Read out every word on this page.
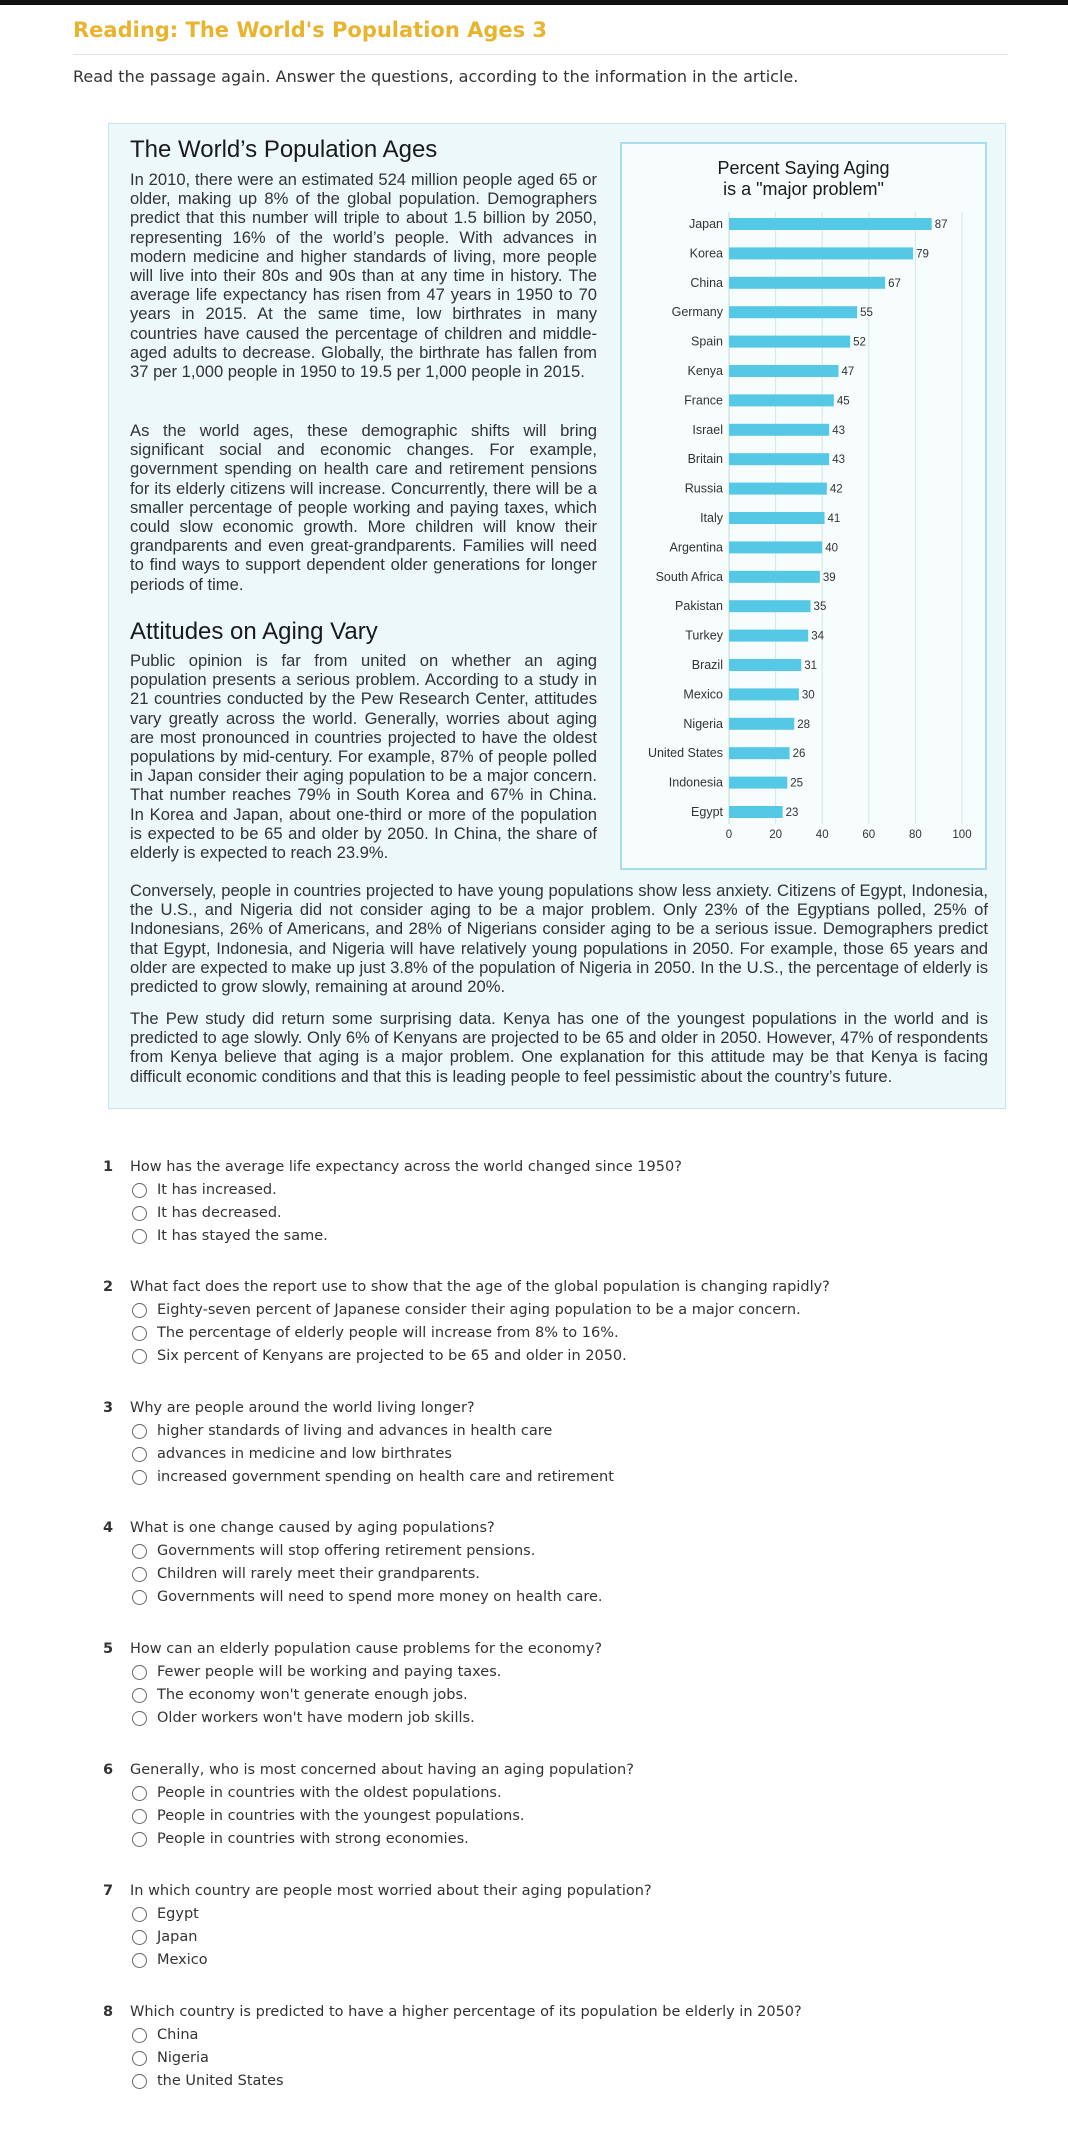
Reading: The World's Population Ages 3
Read the passage again. Answer the questions, according to the information in the article.
The World’s Population Ages

In 2010, there were an estimated 524 million people aged 65 or older, making up 8% of the global population. Demographers predict that this number will triple to about 1.5 billion by 2050, representing 16% of the world’s people. With advances in modern medicine and higher standards of living, more people will live into their 80s and 90s than at any time in history. The average life expectancy has risen from 47 years in 1950 to 70 years in 2015. At the same time, low birthrates in many countries have caused the percentage of children and middle-aged adults to decrease. Globally, the birthrate has fallen from 37 per 1,000 people in 1950 to 19.5 per 1,000 people in 2015.

As the world ages, these demographic shifts will bring significant social and economic changes. For example, government spending on health care and retirement pensions for its elderly citizens will increase. Concurrently, there will be a smaller percentage of people working and paying taxes, which could slow economic growth. More children will know their grandparents and even great-grandparents. Families will need to find ways to support dependent older generations for longer periods of time.

Attitudes on Aging Vary

Public opinion is far from united on whether an aging population presents a serious problem. According to a study in 21 countries conducted by the Pew Research Center, attitudes vary greatly across the world. Generally, worries about aging are most pronounced in countries projected to have the oldest populations by mid-century. For example, 87% of people polled in Japan consider their aging population to be a major concern. That number reaches 79% in South Korea and 67% in China. In Korea and Japan, about one-third or more of the population is expected to be 65 and older by 2050. In China, the share of elderly is expected to reach 23.9%.

Conversely, people in countries projected to have young populations show less anxiety. Citizens of Egypt, Indonesia, the U.S., and Nigeria did not consider aging to be a major problem. Only 23% of the Egyptians polled, 25% of Indonesians, 26% of Americans, and 28% of Nigerians consider aging to be a serious issue. Demographers predict that Egypt, Indonesia, and Nigeria will have relatively young populations in 2050. For example, those 65 years and older are expected to make up just 3.8% of the population of Nigeria in 2050. In the U.S., the percentage of elderly is predicted to grow slowly, remaining at around 20%.

The Pew study did return some surprising data. Kenya has one of the youngest populations in the world and is predicted to age slowly. Only 6% of Kenyans are projected to be 65 and older in 2050. However, 47% of respondents from Kenya believe that aging is a major problem. One explanation for this attitude may be that Kenya is facing difficult economic conditions and that this is leading people to feel pessimistic about the country’s future.

Percent Saying Aging
is a "major problem"
0	20	40	60	80	100
Japan	87
Korea	79
China	67
Germany	55
Spain	52
Kenya	47
France	45
Israel	43
Britain	43
Russia	42
Italy	41
Argentina	40
South Africa	39
Pakistan	35
Turkey	34
Brazil	31
Mexico	30
Nigeria	28
United States	26
Indonesia	25
Egypt	23
1 How has the average life expectancy across the world changed since 1950?
It has increased.
It has decreased.
It has stayed the same.
2 What fact does the report use to show that the age of the global population is changing rapidly?
Eighty-seven percent of Japanese consider their aging population to be a major concern.
The percentage of elderly people will increase from 8% to 16%.
Six percent of Kenyans are projected to be 65 and older in 2050.
3 Why are people around the world living longer?
higher standards of living and advances in health care
advances in medicine and low birthrates
increased government spending on health care and retirement
4 What is one change caused by aging populations?
Governments will stop offering retirement pensions.
Children will rarely meet their grandparents.
Governments will need to spend more money on health care.
5 How can an elderly population cause problems for the economy?
Fewer people will be working and paying taxes.
The economy won't generate enough jobs.
Older workers won't have modern job skills.
6 Generally, who is most concerned about having an aging population?
People in countries with the oldest populations.
People in countries with the youngest populations.
People in countries with strong economies.
7 In which country are people most worried about their aging population?
Egypt
Japan
Mexico
8 Which country is predicted to have a higher percentage of its population be elderly in 2050?
China
Nigeria
the United States
